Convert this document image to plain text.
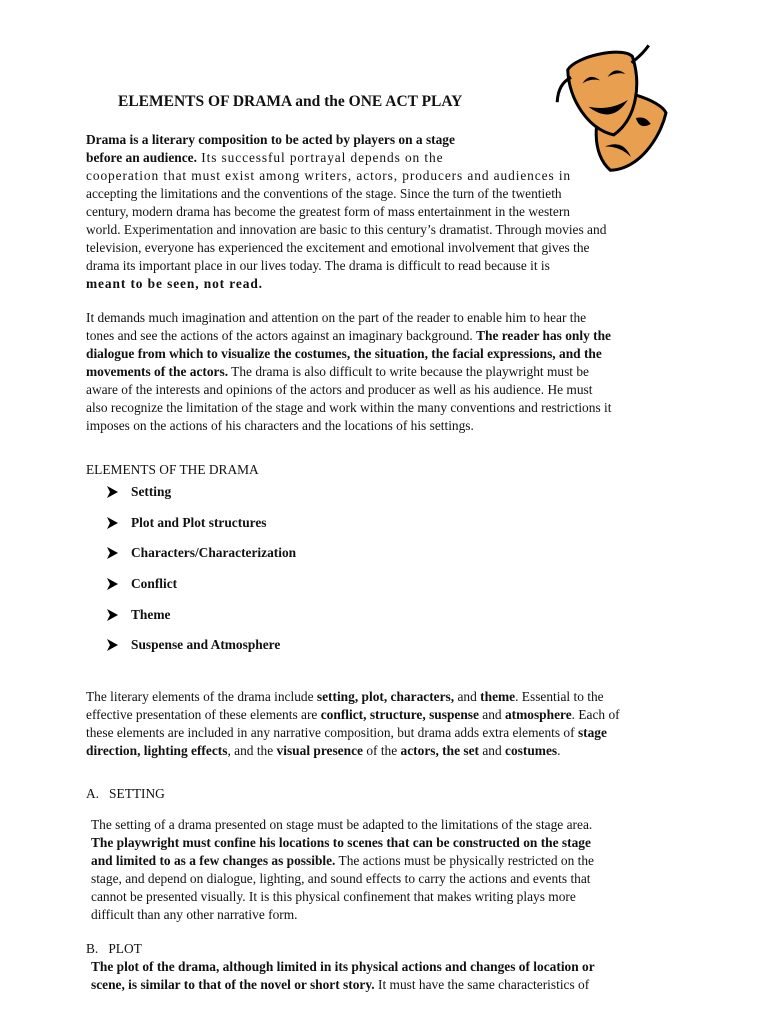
ELEMENTS OF DRAMA and the ONE ACT PLAY

Drama is a literary composition to be acted by players on a stage
before an audience. Its successful portrayal depends on the
cooperation that must exist among writers, actors, producers and audiences in
accepting the limitations and the conventions of the stage. Since the turn of the twentieth
century, modern drama has become the greatest form of mass entertainment in the western
world. Experimentation and innovation are basic to this century’s dramatist. Through movies and
television, everyone has experienced the excitement and emotional involvement that gives the
drama its important place in our lives today. The drama is difficult to read because it is
meant to be seen, not read.

It demands much imagination and attention on the part of the reader to enable him to hear the
tones and see the actions of the actors against an imaginary background. The reader has only the
dialogue from which to visualize the costumes, the situation, the facial expressions, and the
movements of the actors. The drama is also difficult to write because the playwright must be
aware of the interests and opinions of the actors and producer as well as his audience. He must
also recognize the limitation of the stage and work within the many conventions and restrictions it
imposes on the actions of his characters and the locations of his settings.

ELEMENTS OF THE DRAMA

Setting
Plot and Plot structures
Characters/Characterization
Conflict
Theme
Suspense and Atmosphere

The literary elements of the drama include setting, plot, characters, and theme. Essential to the
effective presentation of these elements are conflict, structure, suspense and atmosphere. Each of
these elements are included in any narrative composition, but drama adds extra elements of stage
direction, lighting effects, and the visual presence of the actors, the set and costumes.

A.   SETTING

The setting of a drama presented on stage must be adapted to the limitations of the stage area.
The playwright must confine his locations to scenes that can be constructed on the stage
and limited to as a few changes as possible. The actions must be physically restricted on the
stage, and depend on dialogue, lighting, and sound effects to carry the actions and events that
cannot be presented visually. It is this physical confinement that makes writing plays more
difficult than any other narrative form.

B.   PLOT

The plot of the drama, although limited in its physical actions and changes of location or
scene, is similar to that of the novel or short story. It must have the same characteristics of
